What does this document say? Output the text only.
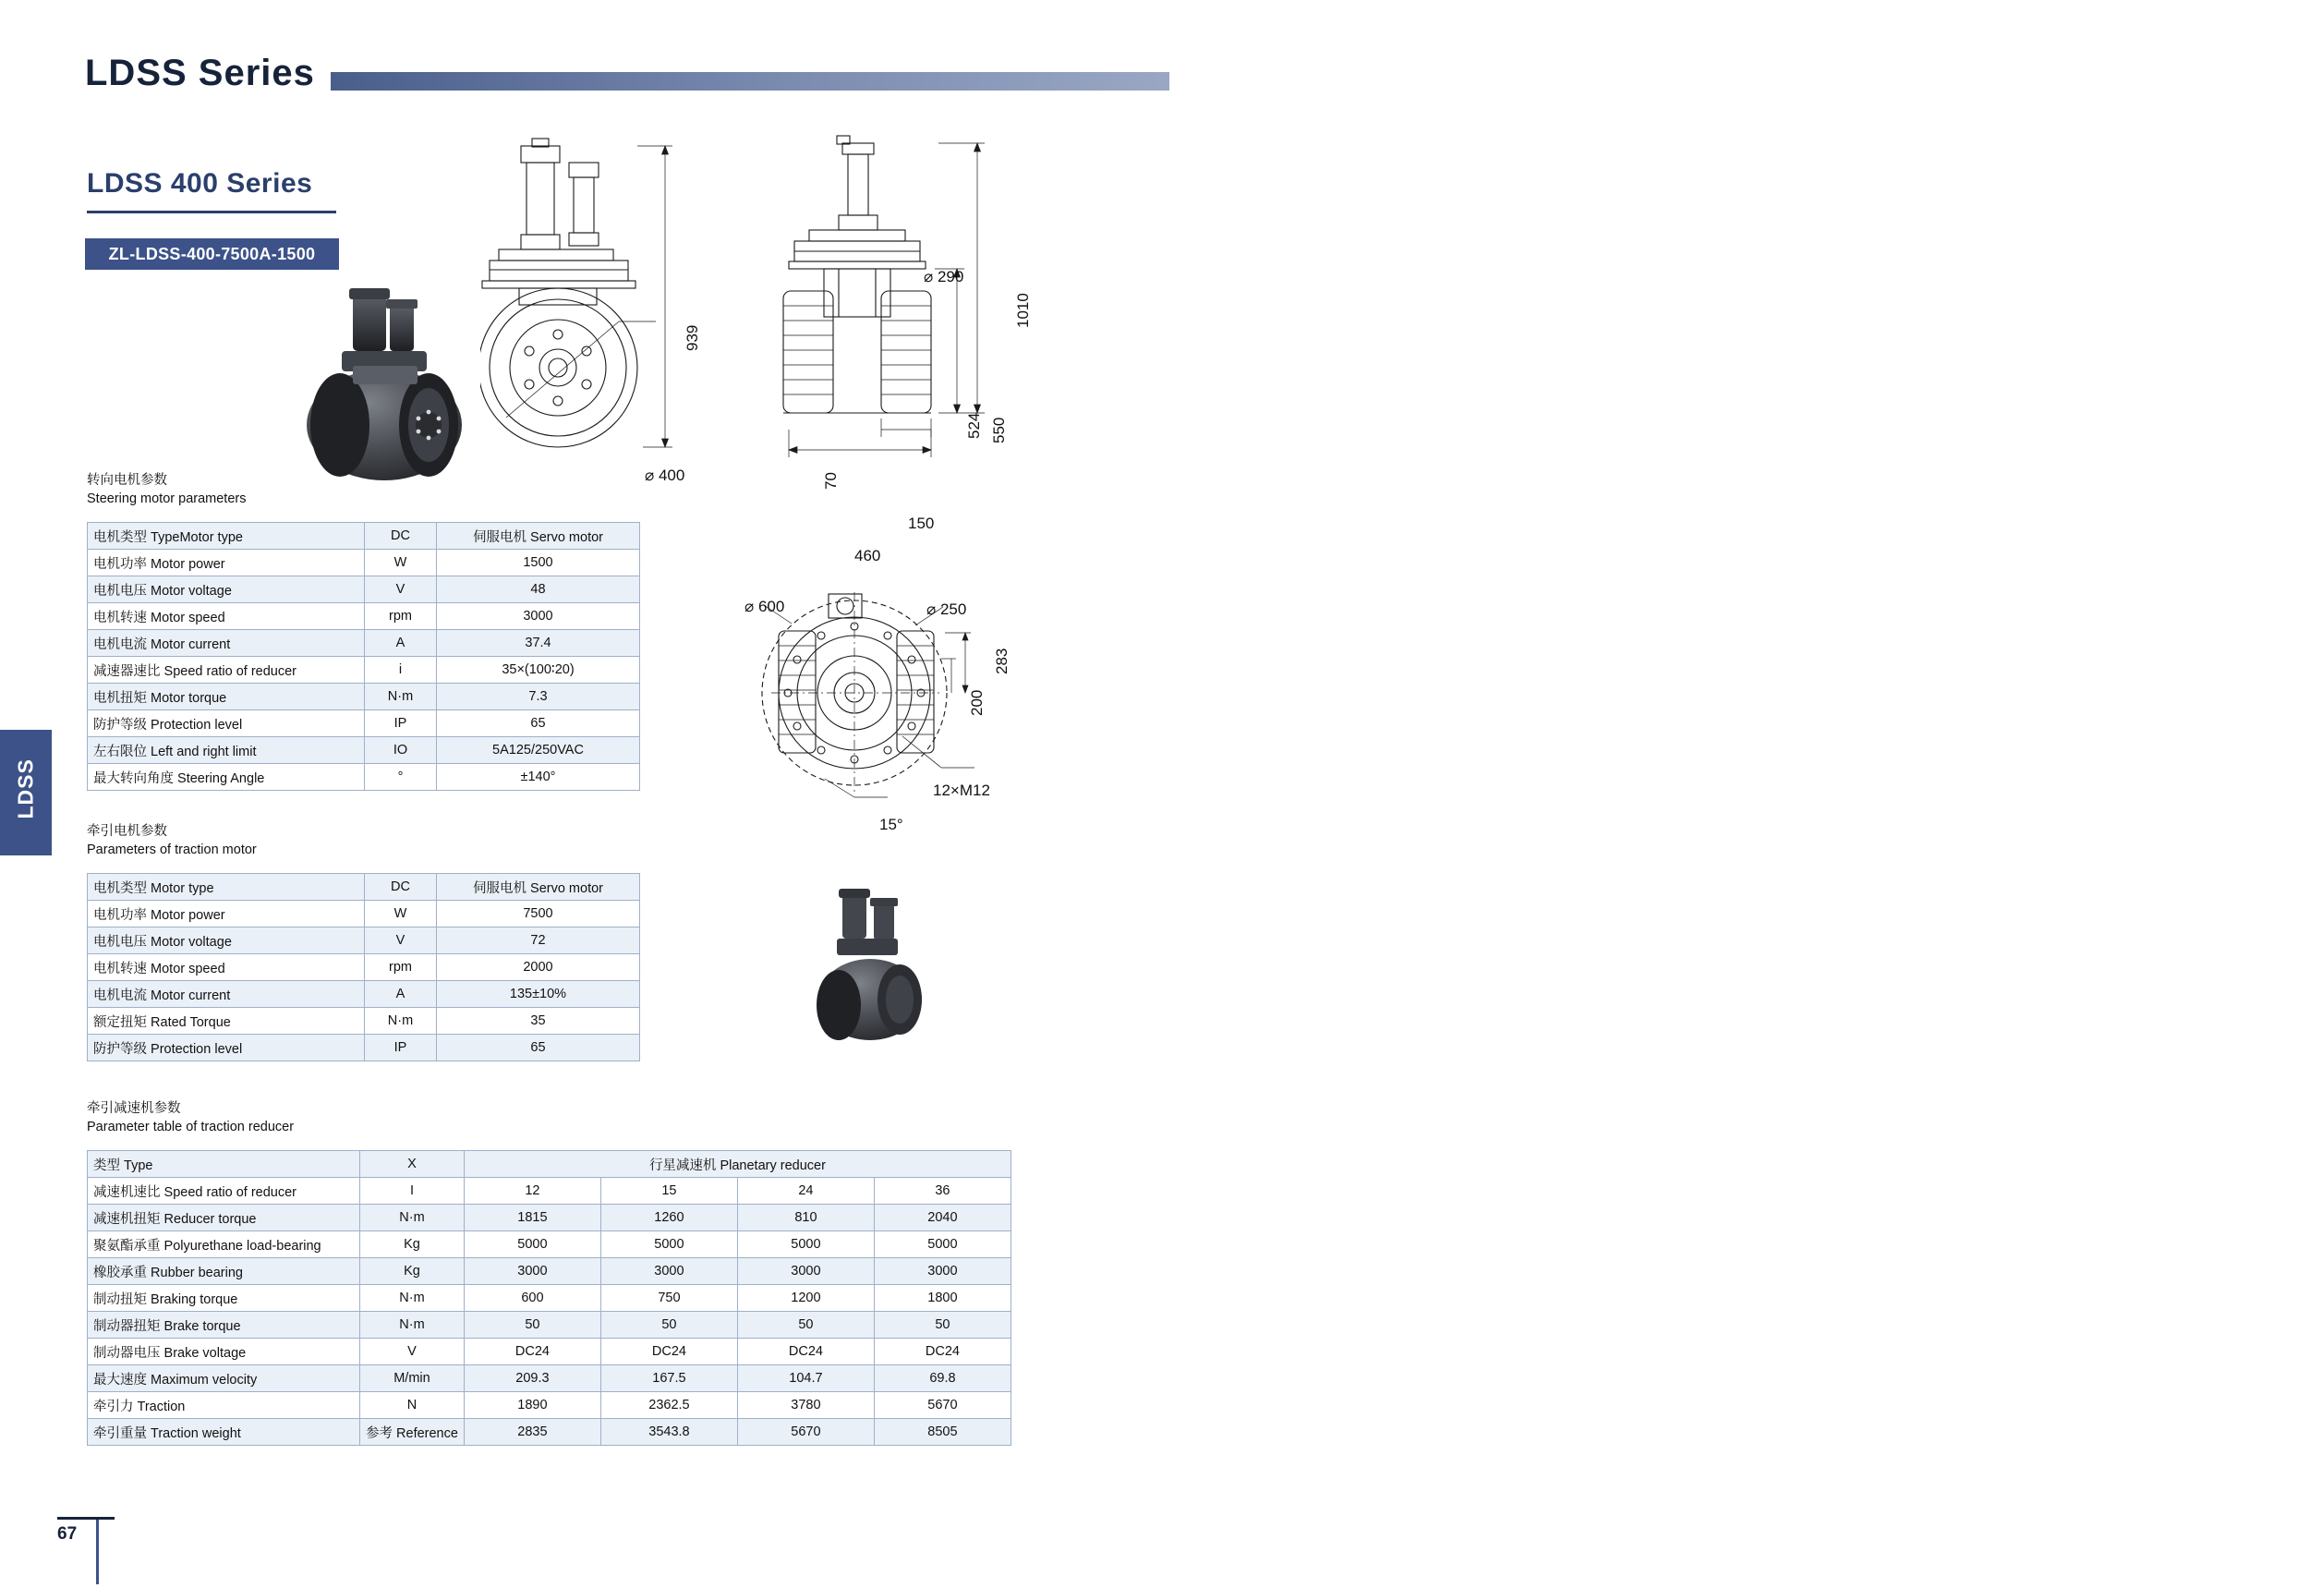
LDSS Series
LDSS 400 Series
ZL-LDSS-400-7500A-1500
LDSS
939
⌀ 400
⌀ 290
1010
550
524
70
150
460
⌀ 600	⌀ 250
283
200
12×M12
15°
转向电机参数
Steering motor parameters
电机类型 TypeMotor type	DC	伺服电机 Servo motor
电机功率 Motor power	W	1500
电机电压 Motor voltage	V	48
电机转速 Motor speed	rpm	3000
电机电流 Motor current	A	37.4
减速器速比 Speed ratio of reducer	i	35×(100∶20)
电机扭矩 Motor torque	N·m	7.3
防护等级 Protection level	IP	65
左右限位 Left and right limit	IO	5A125/250VAC
最大转向角度 Steering Angle	°	±140°
牵引电机参数
Parameters of traction motor
电机类型 Motor type	DC	伺服电机 Servo motor
电机功率 Motor power	W	7500
电机电压 Motor voltage	V	72
电机转速 Motor speed	rpm	2000
电机电流 Motor current	A	135±10%
额定扭矩 Rated Torque	N·m	35
防护等级 Protection level	IP	65
牵引减速机参数
Parameter table of traction reducer
类型 Type	X	行星减速机 Planetary reducer			
减速机速比 Speed ratio of reducer	I	12	15	24	36
减速机扭矩 Reducer torque	N·m	1815	1260	810	2040
聚氨酯承重 Polyurethane load-bearing	Kg	5000	5000	5000	5000
橡胶承重 Rubber bearing	Kg	3000	3000	3000	3000
制动扭矩 Braking torque	N·m	600	750	1200	1800
制动器扭矩 Brake torque	N·m	50	50	50	50
制动器电压 Brake voltage	V	DC24	DC24	DC24	DC24
最大速度 Maximum velocity	M/min	209.3	167.5	104.7	69.8
牵引力 Traction	N	1890	2362.5	3780	5670
牵引重量 Traction weight	参考 Reference	2835	3543.8	5670	8505
67
